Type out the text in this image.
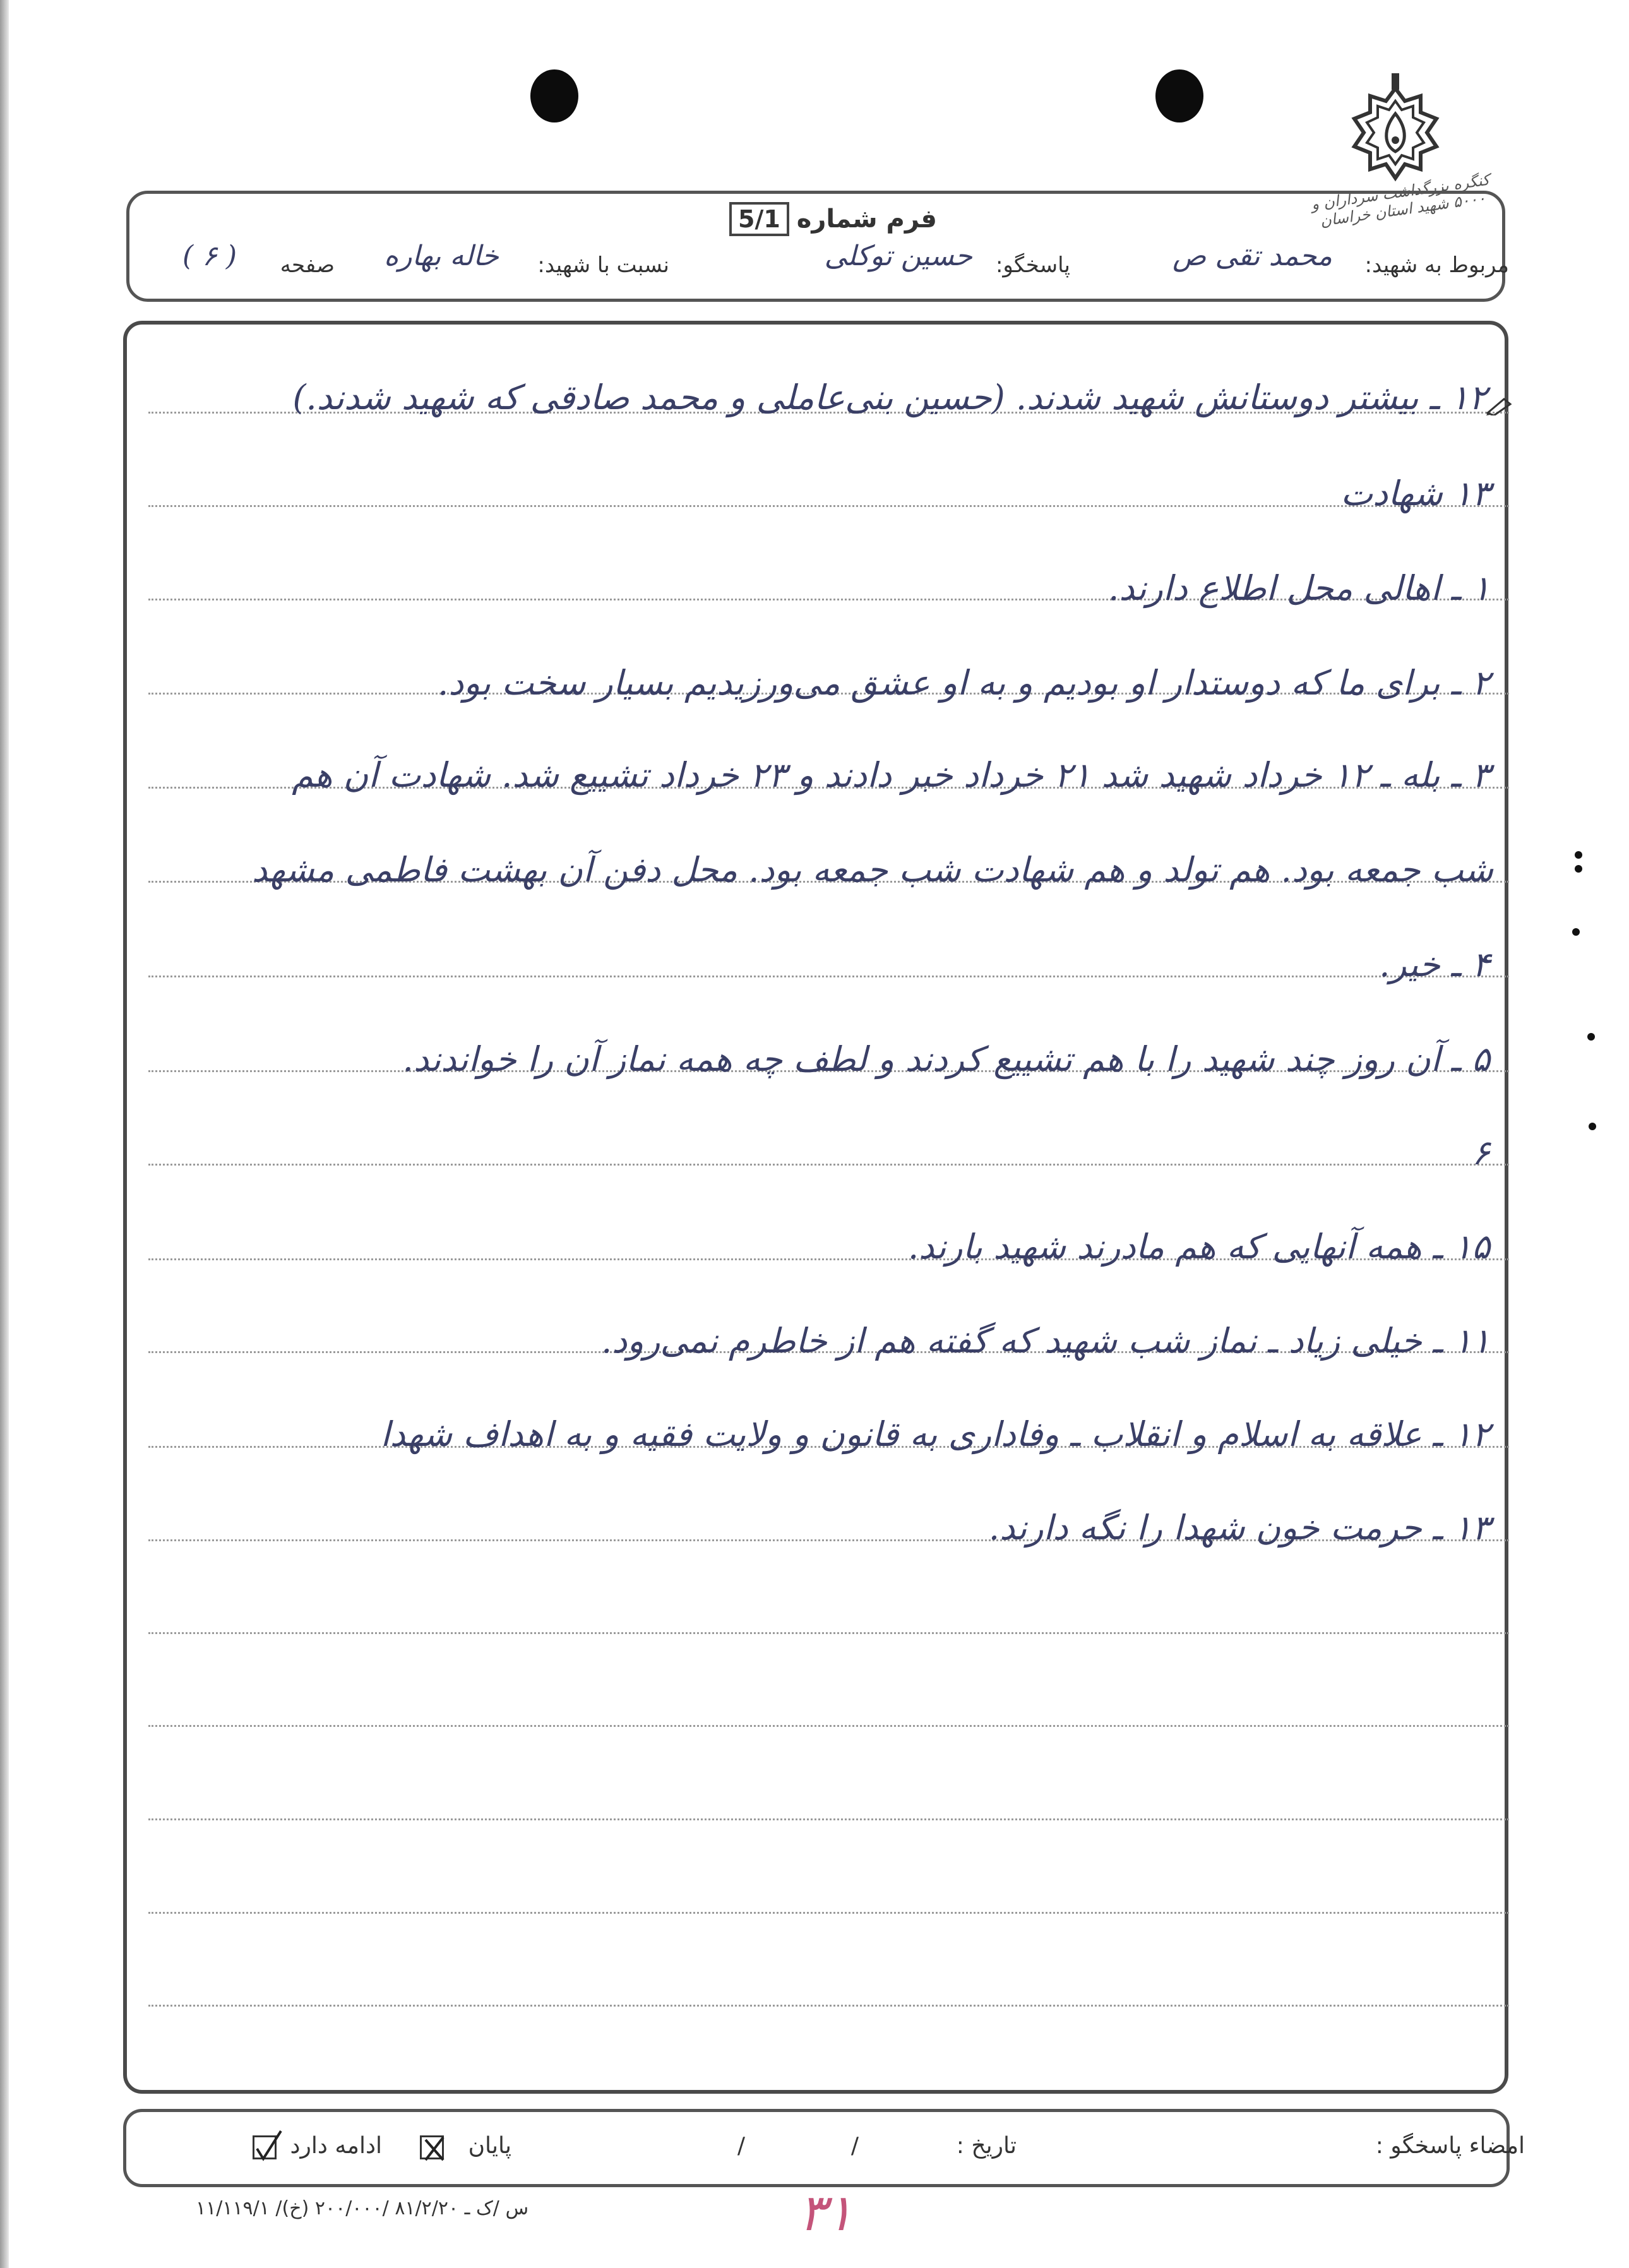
کنگره بزرگداشت سرداران و ۵۰۰۰ شهید استان خراسان
فرم شماره
5/1
مربوط به شهید:
محمد تقی‌ ص
پاسخگو:
حسین توکلی
نسبت با شهید:
خاله بهاره
صفحه
( ۶ )
۱۲ ـ بیشتر دوستانش شهید شدند. (حسین بنی‌عاملی و محمد صادقی که شهید شدند.)
۱۳ شهادت
۱ ـ اهالی محل اطلاع دارند.
۲ ـ برای ما که دوستدار او بودیم و به او عشق می‌ورزیدیم بسیار سخت بود.
۳ ـ بله ـ ۱۲ خرداد شهید شد ۲۱ خرداد خبر دادند و ۲۳ خرداد تشییع شد. شهادت آن هم
شب جمعه بود. هم تولد و هم شهادت شب جمعه بود. محل دفن آن بهشت فاطمی مشهد
۴ ـ خیر.
۵ ـ آن روز چند شهید را با هم تشییع کردند و لطف چه همه نماز آن را خواندند.
۶
۱۵ ـ همه آنهایی که هم مادرند شهید بارند.
۱۱ ـ خیلی زیاد ـ نماز شب شهید که گفته هم از خاطرم نمی‌رود.
۱۲ ـ علاقه به اسلام و انقلاب ـ وفاداری به قانون و ولایت فقیه و به اهداف شهدا
۱۳ ـ حرمت خون شهدا را نگه دارند.
امضاء پاسخگو :
تاریخ :
/
/
پایان
ادامه دارد
۱۱/۱۱۹/۱ /س /ک ـ ۸۱/۲/۲۰ /۲۰۰/۰۰۰ (خ)	۳۱
